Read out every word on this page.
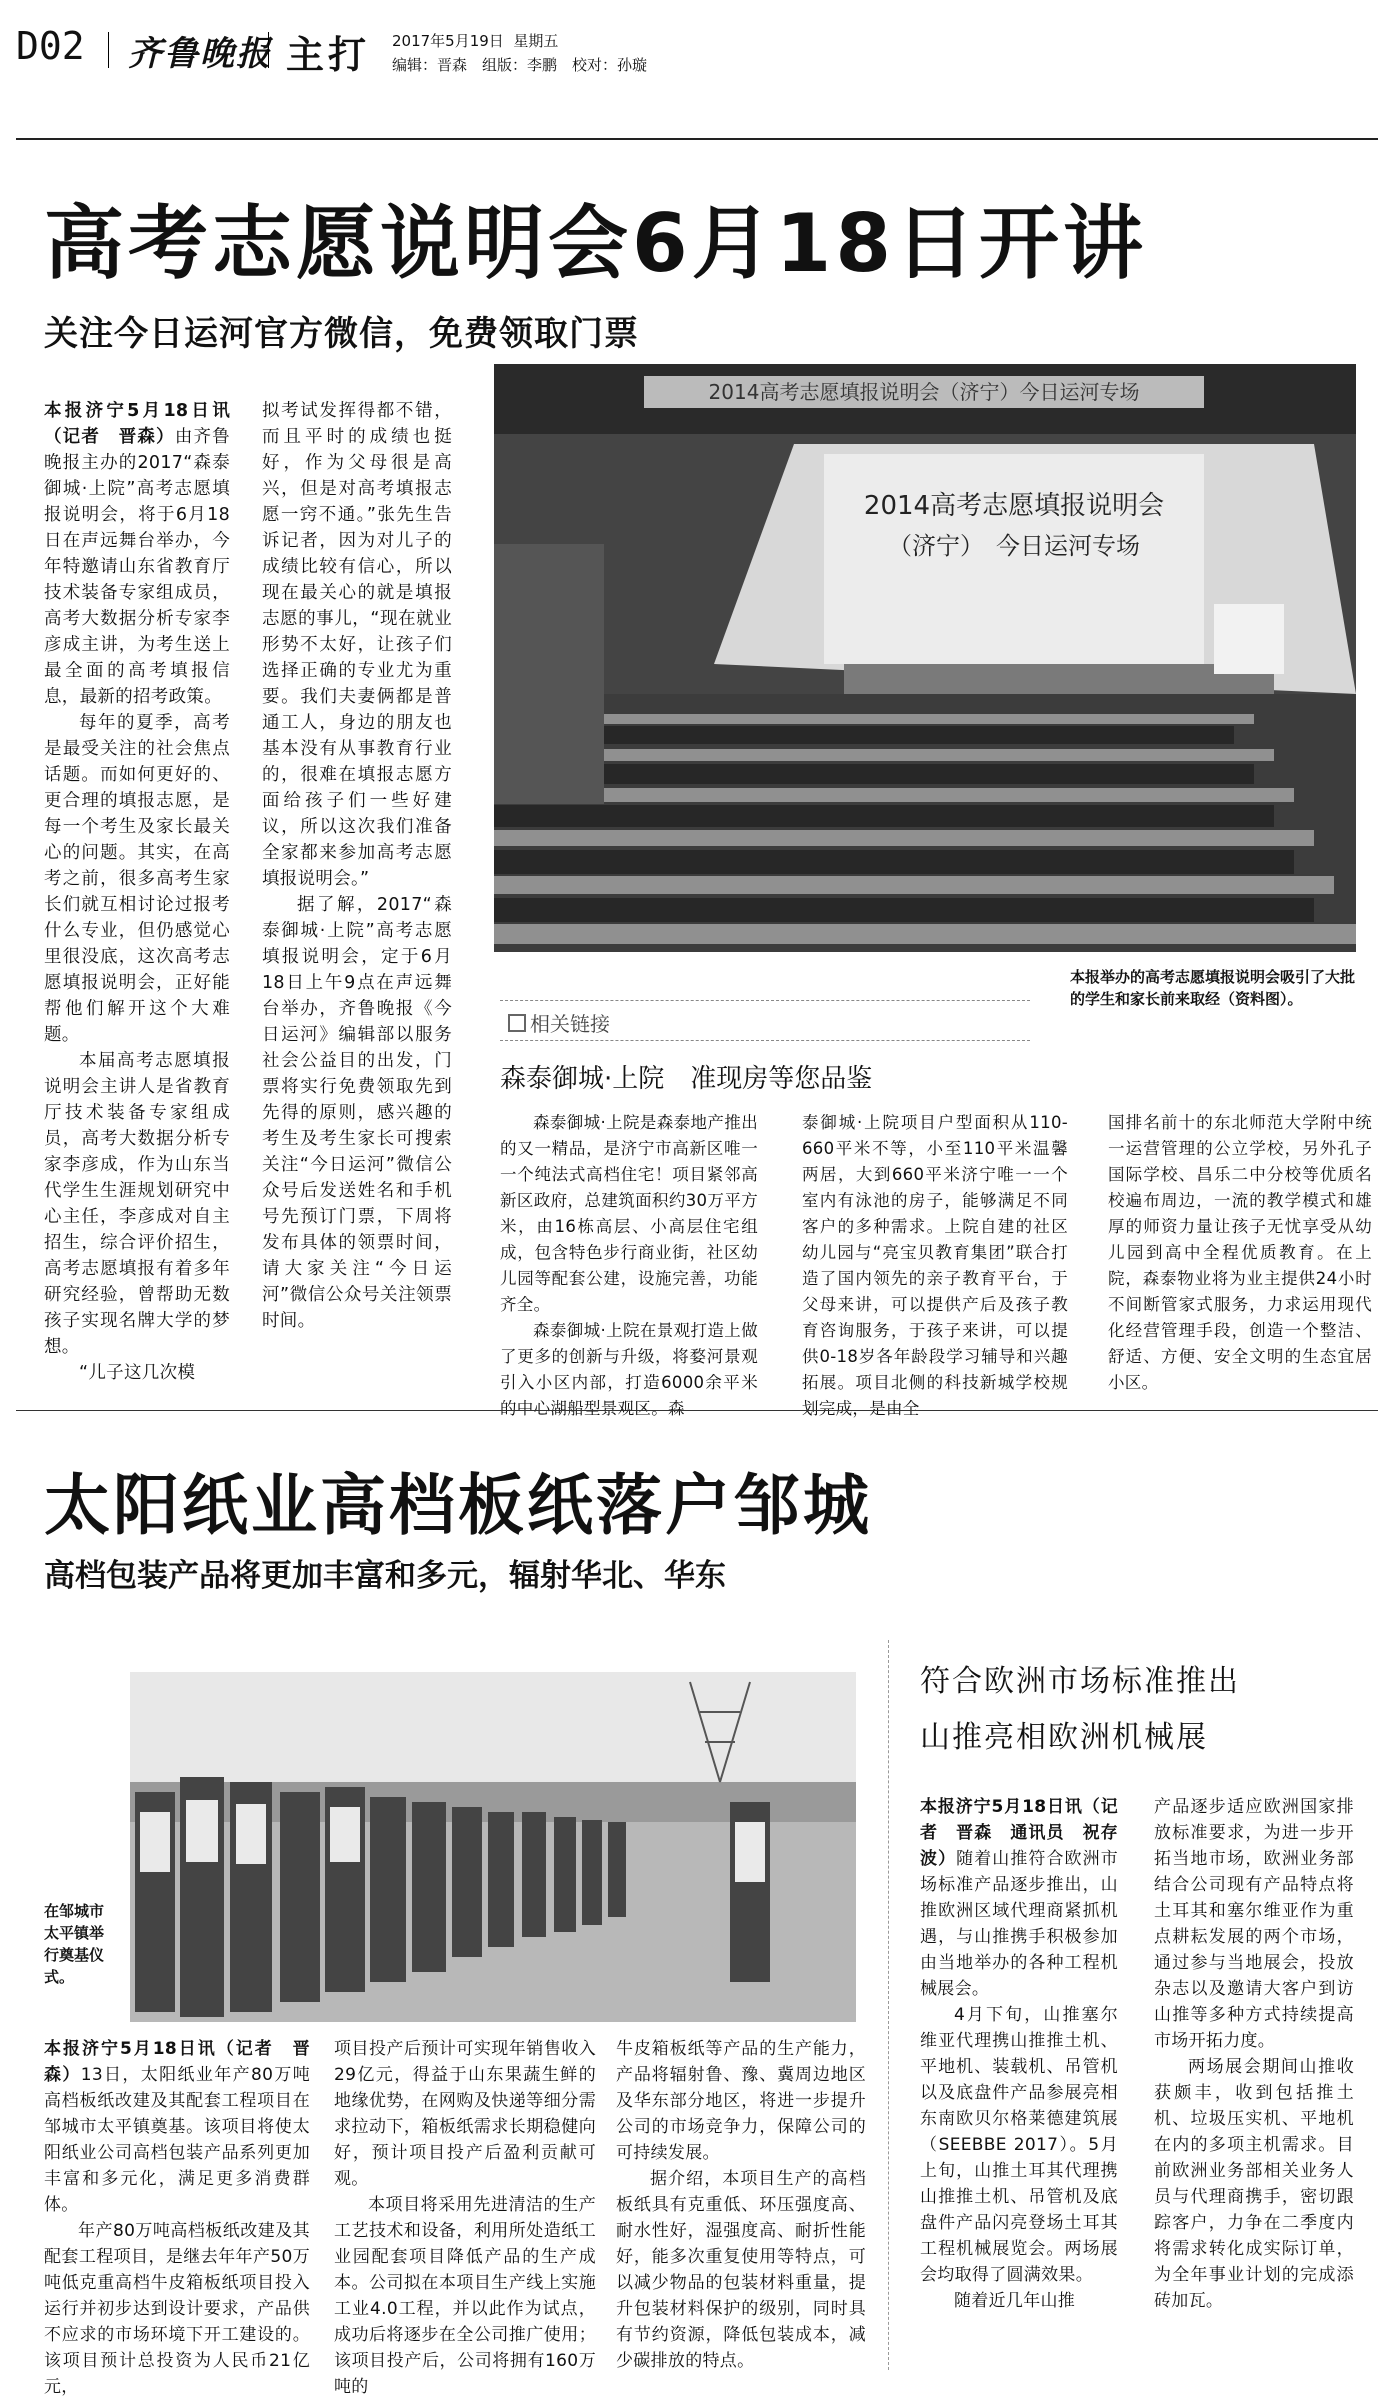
D02 齐鲁晚报 主打 2017年5月19日 星期五
编辑：晋森　组版：李鹏　校对：孙璇
高考志愿说明会6月18日开讲
关注今日运河官方微信，免费领取门票

本报济宁5月18日讯（记者　晋森）由齐鲁晚报主办的2017“森泰御城·上院”高考志愿填报说明会，将于6月18日在声远舞台举办，今年特邀请山东省教育厅技术装备专家组成员，高考大数据分析专家李彦成主讲，为考生送上最全面的高考填报信息，最新的招考政策。

每年的夏季，高考是最受关注的社会焦点话题。而如何更好的、更合理的填报志愿，是每一个考生及家长最关心的问题。其实，在高考之前，很多高考生家长们就互相讨论过报考什么专业，但仍感觉心里很没底，这次高考志愿填报说明会，正好能帮他们解开这个大难题。

本届高考志愿填报说明会主讲人是省教育厅技术装备专家组成员，高考大数据分析专家李彦成，作为山东当代学生生涯规划研究中心主任，李彦成对自主招生，综合评价招生，高考志愿填报有着多年研究经验，曾帮助无数孩子实现名牌大学的梦想。

“儿子这几次模

拟考试发挥得都不错，而且平时的成绩也挺好，作为父母很是高兴，但是对高考填报志愿一窍不通。”张先生告诉记者，因为对儿子的成绩比较有信心，所以现在最关心的就是填报志愿的事儿，“现在就业形势不太好，让孩子们选择正确的专业尤为重要。我们夫妻俩都是普通工人，身边的朋友也基本没有从事教育行业的，很难在填报志愿方面给孩子们一些好建议，所以这次我们准备全家都来参加高考志愿填报说明会。”

据了解，2017“森泰御城·上院”高考志愿填报说明会，定于6月18日上午9点在声远舞台举办，齐鲁晚报《今日运河》编辑部以服务社会公益目的出发，门票将实行免费领取先到先得的原则，感兴趣的考生及考生家长可搜索关注“今日运河”微信公众号后发送姓名和手机号先预订门票，下周将发布具体的领票时间，请大家关注“今日运河”微信公众号关注领票时间。

2014高考志愿填报说明会（济宁）今日运河专场
2014高考志愿填报说明会
（济宁）　今日运河专场
本报举办的高考志愿填报说明会吸引了大批的学生和家长前来取经（资料图）。
相关链接
森泰御城·上院　准现房等您品鉴

森泰御城·上院是森泰地产推出的又一精品，是济宁市高新区唯一一个纯法式高档住宅！项目紧邻高新区政府，总建筑面积约30万平方米，由16栋高层、小高层住宅组成，包含特色步行商业街，社区幼儿园等配套公建，设施完善，功能齐全。

森泰御城·上院在景观打造上做了更多的创新与升级，将婺河景观引入小区内部，打造6000余平米的中心湖船型景观区。森

泰御城·上院项目户型面积从110-660平米不等，小至110平米温馨两居，大到660平米济宁唯一一个室内有泳池的房子，能够满足不同客户的多种需求。上院自建的社区幼儿园与“亮宝贝教育集团”联合打造了国内领先的亲子教育平台，于父母来讲，可以提供产后及孩子教育咨询服务，于孩子来讲，可以提供0-18岁各年龄段学习辅导和兴趣拓展。项目北侧的科技新城学校规划完成，是由全

国排名前十的东北师范大学附中统一运营管理的公立学校，另外孔子国际学校、昌乐二中分校等优质名校遍布周边，一流的教学模式和雄厚的师资力量让孩子无忧享受从幼儿园到高中全程优质教育。在上院，森泰物业将为业主提供24小时不间断管家式服务，力求运用现代化经营管理手段，创造一个整洁、舒适、方便、安全文明的生态宜居小区。

太阳纸业高档板纸落户邹城
高档包装产品将更加丰富和多元，辐射华北、华东
在邹城市太平镇举行奠基仪式。

本报济宁5月18日讯（记者　晋森）13日，太阳纸业年产80万吨高档板纸改建及其配套工程项目在邹城市太平镇奠基。该项目将使太阳纸业公司高档包装产品系列更加丰富和多元化，满足更多消费群体。

年产80万吨高档板纸改建及其配套工程项目，是继去年年产50万吨低克重高档牛皮箱板纸项目投入运行并初步达到设计要求，产品供不应求的市场环境下开工建设的。该项目预计总投资为人民币21亿元，

项目投产后预计可实现年销售收入29亿元，得益于山东果蔬生鲜的地缘优势，在网购及快递等细分需求拉动下，箱板纸需求长期稳健向好，预计项目投产后盈利贡献可观。

本项目将采用先进清洁的生产工艺技术和设备，利用所处造纸工业园配套项目降低产品的生产成本。公司拟在本项目生产线上实施工业4.0工程，并以此作为试点，成功后将逐步在全公司推广使用；该项目投产后，公司将拥有160万吨的

牛皮箱板纸等产品的生产能力，产品将辐射鲁、豫、冀周边地区及华东部分地区，将进一步提升公司的市场竞争力，保障公司的可持续发展。

据介绍，本项目生产的高档板纸具有克重低、环压强度高、耐水性好，湿强度高、耐折性能好，能多次重复使用等特点，可以减少物品的包装材料重量，提升包装材料保护的级别，同时具有节约资源，降低包装成本，减少碳排放的特点。

符合欧洲市场标准推出
山推亮相欧洲机械展

本报济宁5月18日讯（记者　晋森　通讯员　祝存波）随着山推符合欧洲市场标准产品逐步推出，山推欧洲区域代理商紧抓机遇，与山推携手积极参加由当地举办的各种工程机械展会。

4月下旬，山推塞尔维亚代理携山推推土机、平地机、装载机、吊管机以及底盘件产品参展亮相东南欧贝尔格莱德建筑展（SEEBBE 2017）。5月上旬，山推土耳其代理携山推推土机、吊管机及底盘件产品闪亮登场土耳其工程机械展览会。两场展会均取得了圆满效果。

随着近几年山推

产品逐步适应欧洲国家排放标准要求，为进一步开拓当地市场，欧洲业务部结合公司现有产品特点将土耳其和塞尔维亚作为重点耕耘发展的两个市场，通过参与当地展会，投放杂志以及邀请大客户到访山推等多种方式持续提高市场开拓力度。

两场展会期间山推收获颇丰，收到包括推土机、垃圾压实机、平地机在内的多项主机需求。目前欧洲业务部相关业务人员与代理商携手，密切跟踪客户，力争在二季度内将需求转化成实际订单，为全年事业计划的完成添砖加瓦。
